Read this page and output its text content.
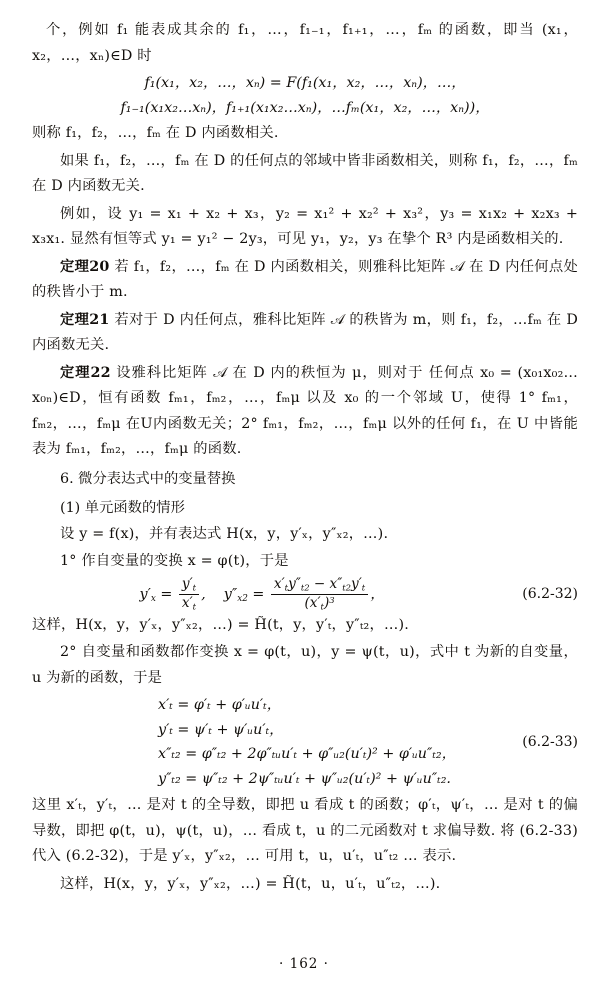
个，例如 f₁ 能表成其余的 f₁，…，f₁₋₁，f₁₊₁，…，fₘ 的函数，即当 (x₁，x₂，…，xₙ)∈D 时

f₁(x₁，x₂，…，xₙ) = F(f₁(x₁，x₂，…，xₙ)，…，

f₁₋₁(x₁x₂…xₙ)，f₁₊₁(x₁x₂…xₙ)，…fₘ(x₁，x₂，…，xₙ))，

则称 f₁，f₂，…，fₘ 在 D 内函数相关.

如果 f₁，f₂，…，fₘ 在 D 的任何点的邻域中皆非函数相关，则称 f₁，f₂，…，fₘ 在 D 内函数无关.

例如，设 y₁ = x₁ + x₂ + x₃，y₂ = x₁² + x₂² + x₃²，y₃ = x₁x₂ + x₂x₃ + x₃x₁. 显然有恒等式 y₁ = y₁² − 2y₃，可见 y₁，y₂，y₃ 在挚个 R³ 内是函数相关的.

定理20 若 f₁，f₂，…，fₘ 在 D 内函数相关，则雅科比矩阵 𝒜 在 D 内任何点处的秩皆小于 m.

定理21 若对于 D 内任何点，雅科比矩阵 𝒜 的秩皆为 m，则 f₁，f₂，…fₘ 在 D 内函数无关.

定理22 设雅科比矩阵 𝒜 在 D 内的秩恒为 μ，则对于 任何点 x₀ = (x₀₁x₀₂…x₀ₙ)∈D，恒有函数 fₘ₁，fₘ₂，…，fₘμ 以及 x₀ 的一个邻域 U，使得 1° fₘ₁，fₘ₂，…，fₘμ 在U内函数无关；2° fₘ₁，fₘ₂，…，fₘμ 以外的任何 f₁，在 U 中皆能表为 fₘ₁，fₘ₂，…，fₘμ 的函数.

6. 微分表达式中的变量替换

(1) 单元函数的情形

设 y = f(x)，并有表达式 H(x，y，y′ₓ，y″ₓ₂，…).

1° 作自变量的变换 x = φ(t)，于是

$y'_x = \frac{y'_t}{x'_t}$ ,    $y''_{x2} = \frac{x'_ty''_{t2} - x''_{t2}y'_t}{(x'_t)^3}$ ，	(6.2-32)

这样，H(x，y，y′ₓ，y″ₓ₂，…) = H̃(t，y，y′ₜ，y″ₜ₂，…).

2° 自变量和函数都作变换 x = φ(t，u)，y = ψ(t，u)，式中 t 为新的自变量，u 为新的函数，于是

x′ₜ = φ′ₜ + φ′ᵤu′ₜ，
y′ₜ = ψ′ₜ + ψ′ᵤu′ₜ，
x″ₜ₂ = φ″ₜ₂ + 2φ″ₜᵤu′ₜ + φ″ᵤ₂(u′ₜ)² + φ′ᵤu″ₜ₂，
y″ₜ₂ = ψ″ₜ₂ + 2ψ″ₜᵤu′ₜ + ψ″ᵤ₂(u′ₜ)² + ψ′ᵤu″ₜ₂.
(6.2-33)

这里 x′ₜ，y′ₜ，… 是对 t 的全导数，即把 u 看成 t 的函数；φ′ₜ，ψ′ₜ，… 是对 t 的偏导数，即把 φ(t，u)，ψ(t，u)，… 看成 t，u 的二元函数对 t 求偏导数. 将 (6.2-33) 代入 (6.2-32)，于是 y′ₓ，y″ₓ₂，… 可用 t，u，u′ₜ，u″ₜ₂ … 表示.

这样，H(x，y，y′ₓ，y″ₓ₂，…) = H̃(t，u，u′ₜ，u″ₜ₂，…).

· 162 ·
